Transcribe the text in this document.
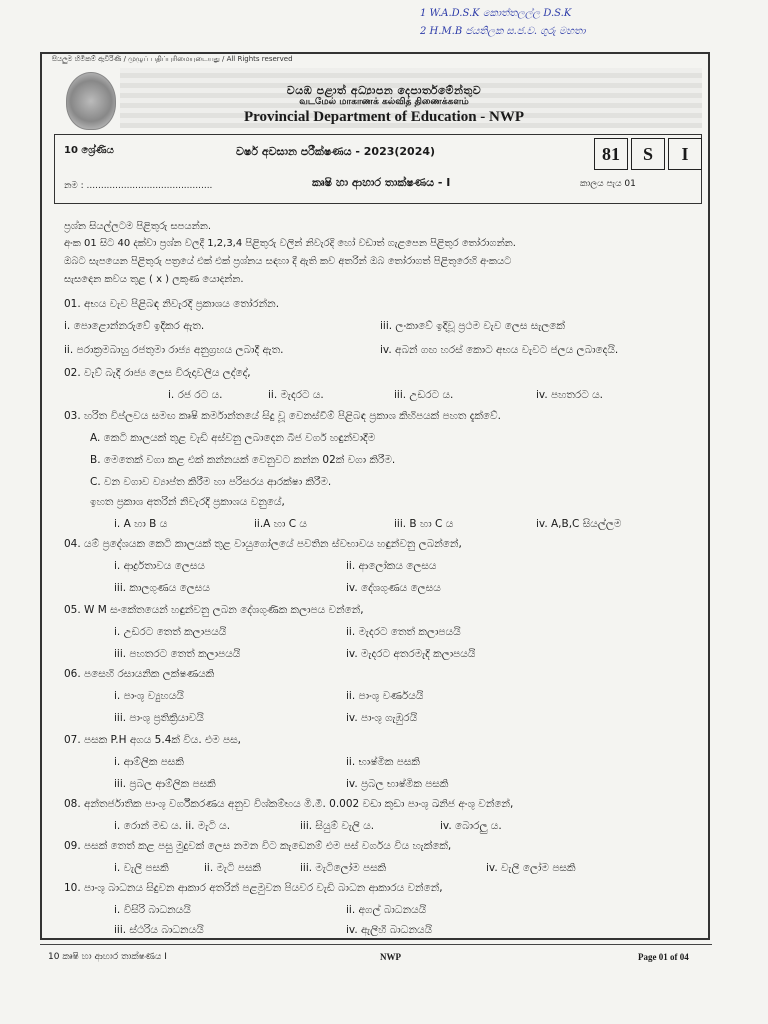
1 W.A.D.S.K කොත්තලල්ල D.S.K
2 H.M.B ජයතිලක ස.ජ.ව. ගුරු මහතා
සියලුම හිමිකම් ඇවිරිණි / முழுப் பதிப்புரிமையுடையது / All Rights reserved
වයඹ පළාත් අධ්‍යාපන දෙපාර්තමේන්තුව
வடமேல் மாகாணக் கல்வித் திணைக்களம்
Provincial Department of Education - NWP
10 ශ්‍රේණිය	වර්ෂ අවසාන පරීක්ෂණය - 2023(2024)	81	S	I
නම : ............................................	කෘෂි හා ආහාර තාක්ෂණය - I	කාලය පැය 01
ප්‍රශ්න සියල්ලටම පිළිතුරු සපයන්න.
අංක 01 සිට 40 දක්වා ප්‍රශ්න වලදී 1,2,3,4 පිළිතුරු වලින් නිවැරදි හෝ වඩාත් ගැළපෙන පිළිතුර තෝරාගන්න.
ඔබට සැපයෙන පිළිතුරු පත්‍රයේ එක් එක් ප්‍රශ්නය සඳහා දී ඇති කව අතරින් ඔබ තෝරාගත් පිළිතුරෙහි අංකයට
සැසඳෙන කවය තුළ ( x ) ලකුණ යොදන්න.
01. අභය වැව පිළිබඳ නිවැරදි ප්‍රකාශය තෝරන්න.
i. පොළොන්නරුවේ ඉදිකර ඇත.	iii. ලංකාවේ ඉදිවූ ප්‍රථම වැව ලෙස සැලකේ
ii. පරාක්‍රමබාහු රජතුමා රාජ්‍ය අනුග්‍රහය ලබාදී ඇත.	iv. අබන් ගඟ හරස් කොට අභය වැවට ජලය ලබාදෙයි.
02. වැව් බැදි රාජ්‍ය ලෙස විරුදාවලිය ලද්දේ,
i. රජ රට ය.	ii. මැදරට ය.	iii. උඩරට ය.	iv. පහතරට ය.
03. හරිත විප්ලවය සමඟ කෘෂි කර්මාන්තයේ සිදු වූ වෙනස්වීම් පිළිබඳ ප්‍රකාශ කිහිපයක් පහත දැක්වේ.
A. කෙටි කාලයක් තුළ වැඩි අස්වනු ලබාදෙන බීජ වර්ග හඳුන්වාදීම
B. මෙතෙක් වගා කළ එක් කන්නයක් වෙනුවට කන්න 02ක් වගා කිරීම.
C. වන වගාව ව්‍යාප්ත කිරීම හා පරිසරය ආරක්ෂා කිරීම.
ඉහත ප්‍රකාශ අතරින් නිවැරදි ප්‍රකාශය වනුයේ,
i. A හා B ය	ii.A හා C ය	iii. B හා C ය	iv. A,B,C සියල්ලම
04. යම් ප්‍රදේශයක කෙටි කාලයක් තුළ වායුගෝලයේ පවතින ස්වභාවය හඳුන්වනු ලබන්නේ,
i. ආර්ද්‍රතාවය ලෙසය	ii. ආලෝකය ලෙසය
iii. කාලගුණය ලෙසය	iv. දේශගුණය ලෙසය
05. W M සංකේතයෙන් හඳුන්වනු ලබන දේශගුණික කලාපය වන්නේ,
i. උඩරට තෙත් කලාපයයි	ii. මැදරට තෙත් කලාපයයි
iii. පහතරට තෙත් කලාපයයි	iv. මැදරට අතරමැදි කලාපයයි
06. පසෙහි රසායනික ලක්ෂණයකි
i. පාංශු ව්‍යුහයයි	ii. පාංශු වර්ණයයි
iii. පාංශු ප්‍රතික්‍රියාවයි	iv. පාංශු ගැඹුරයි
07. පසක P.H අගය 5.4ක් විය. එම පස,
i. ආම්ලික පසකි	ii. භාෂ්මික පසකි
iii. ප්‍රබල ආම්ලික පසකි	iv. ප්‍රබල භාෂ්මික පසකි
08. අන්තර්ජාතික පාංශු වර්ගීකරණය අනුව විශ්කම්භය මි.මී. 0.002 වඩා කුඩා පාංශු ඛනිජ අංශු වන්නේ,
i. රොන් මඩ ය. ii. මැටි ය.	iii. සියුම් වැලි ය.	iv. බොරලු ය.
09. පසක් තෙත් කළ පසු මුදුවක් ලෙස නමන විට කැඩෙනම් එම පස් වර්ගය විය හැක්කේ,
i. වැලි පසකි	ii. මැටි පසකි	iii. මැටිලෝම පසකි	iv. වැලි ලෝම පසකි
10. පාංශු බාධනය සිදුවන ආකාර අතරින් පළමුවන පියවර වැඩි බාධන ආකාරය වන්නේ,
i. විසිරි බාධනයයි	ii. අගල් බාධනයයි
iii. ස්ථරිය බාධනයයි	iv. ඇලිහි බාධනයයි
10 කෘෂි හා ආහාර තාක්ෂණය I	NWP	Page 01 of 04
